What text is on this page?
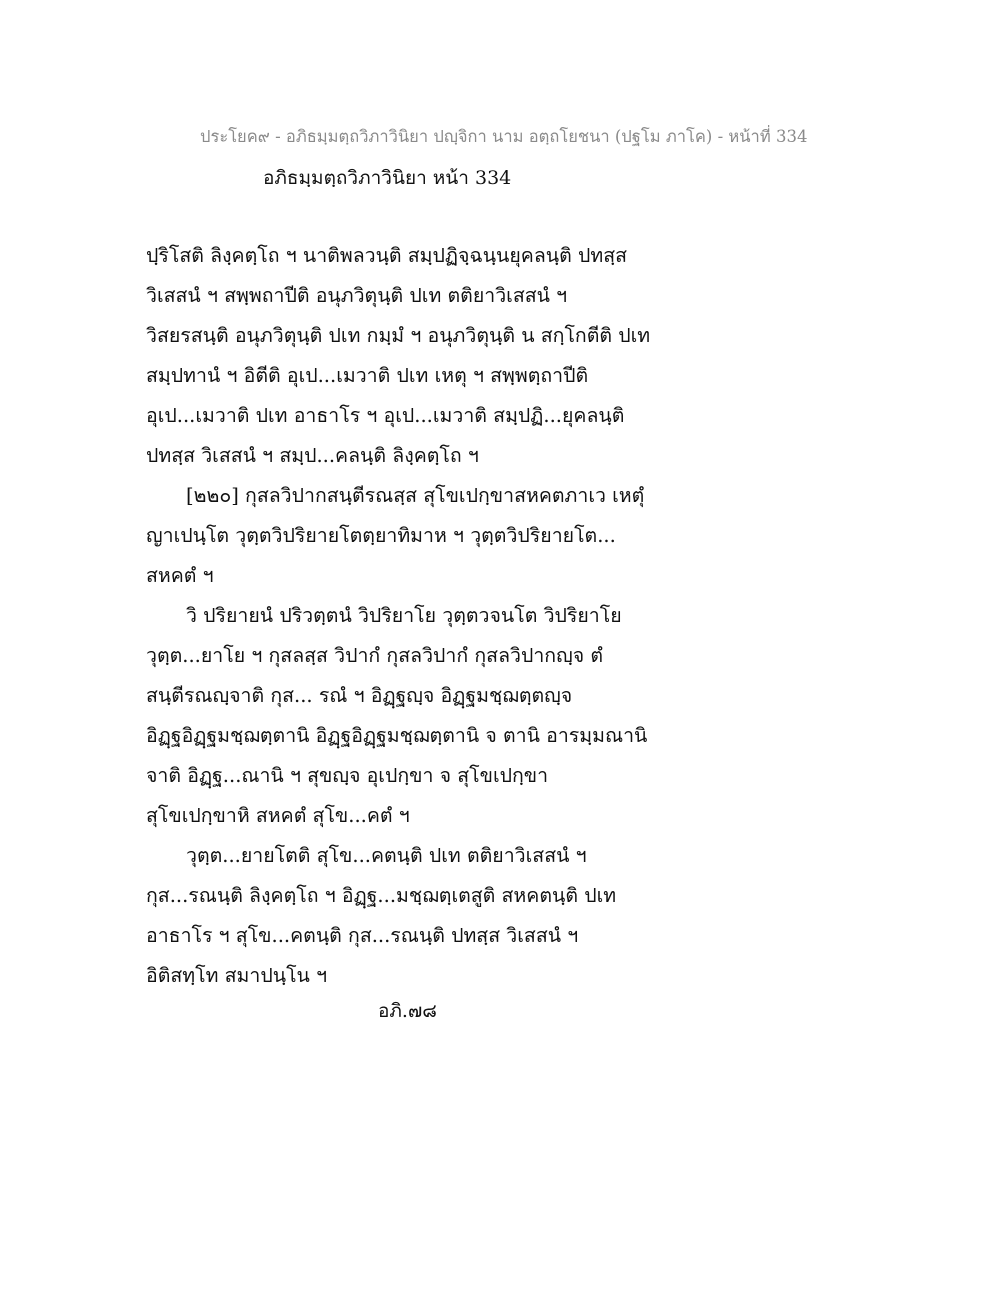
ประโยค๙ - อภิธมฺมตฺถวิภาวินิยา ปญฺจิกา นาม อตฺถโยชนา (ปฐโม ภาโค) - หน้าที่ 334
อภิธมฺมตฺถวิภาวินิยา หน้า 334
ปฺริโสติ ลิงฺคตฺโถ ฯ นาติพลวนฺติ สมฺปฏิจฺฉนฺนยุคลนฺติ ปทสฺส
วิเสสนํ ฯ สพฺพถาปีติ อนุภวิตุนฺติ ปเท ตติยาวิเสสนํ ฯ
วิสยรสนฺติ อนุภวิตุนฺติ ปเท กมฺมํ ฯ อนุภวิตุนฺติ น สกฺโกตีติ ปเท
สมฺปทานํ ฯ อิตีติ อุเป...เมวาติ ปเท เหตุ ฯ สพฺพตฺถาปีติ
อุเป...เมวาติ ปเท อาธาโร ฯ อุเป...เมวาติ สมฺปฏิ...ยุคลนฺติ
ปทสฺส วิเสสนํ ฯ สมฺป...คลนฺติ ลิงฺคตฺโถ ฯ
[๒๒๐] กุสลวิปากสนฺตีรณสฺส สุโขเปกฺขาสหคตภาเว เหตุํ
ญาเปนฺโต วุตฺตวิปริยายโตตฺยาทิมาห ฯ วุตฺตวิปริยายโต...
สหคตํ ฯ
วิ ปริยายนํ ปริวตฺตนํ วิปริยาโย วุตฺตวจนโต วิปริยาโย
วุตฺต...ยาโย ฯ กุสลสฺส วิปากํ กุสลวิปากํ กุสลวิปากญฺจ ตํ
สนฺตีรณญฺจาติ กุส... รณํ ฯ อิฏฺฐญฺจ อิฏฺฐมชฺฌตฺตญฺจ
อิฏฺฐอิฏฺฐมชฺฌตฺตานิ อิฏฺฐอิฏฺฐมชฺฌตฺตานิ จ ตานิ อารมฺมณานิ
จาติ อิฏฺฐ...ณานิ ฯ สุขญฺจ อุเปกฺขา จ สุโขเปกฺขา
สุโขเปกฺขาหิ สหคตํ สุโข...คตํ ฯ
วุตฺต...ยายโตติ สุโข...คตนฺติ ปเท ตติยาวิเสสนํ ฯ
กุส...รณนฺติ ลิงฺคตฺโถ ฯ อิฏฺฐ...มชฺฌตฺเตสูติ สหคตนฺติ ปเท
อาธาโร ฯ สุโข...คตนฺติ กุส...รณนฺติ ปทสฺส วิเสสนํ ฯ
อิติสทฺโท สมาปนฺโน ฯ
อภิ.๗๘
